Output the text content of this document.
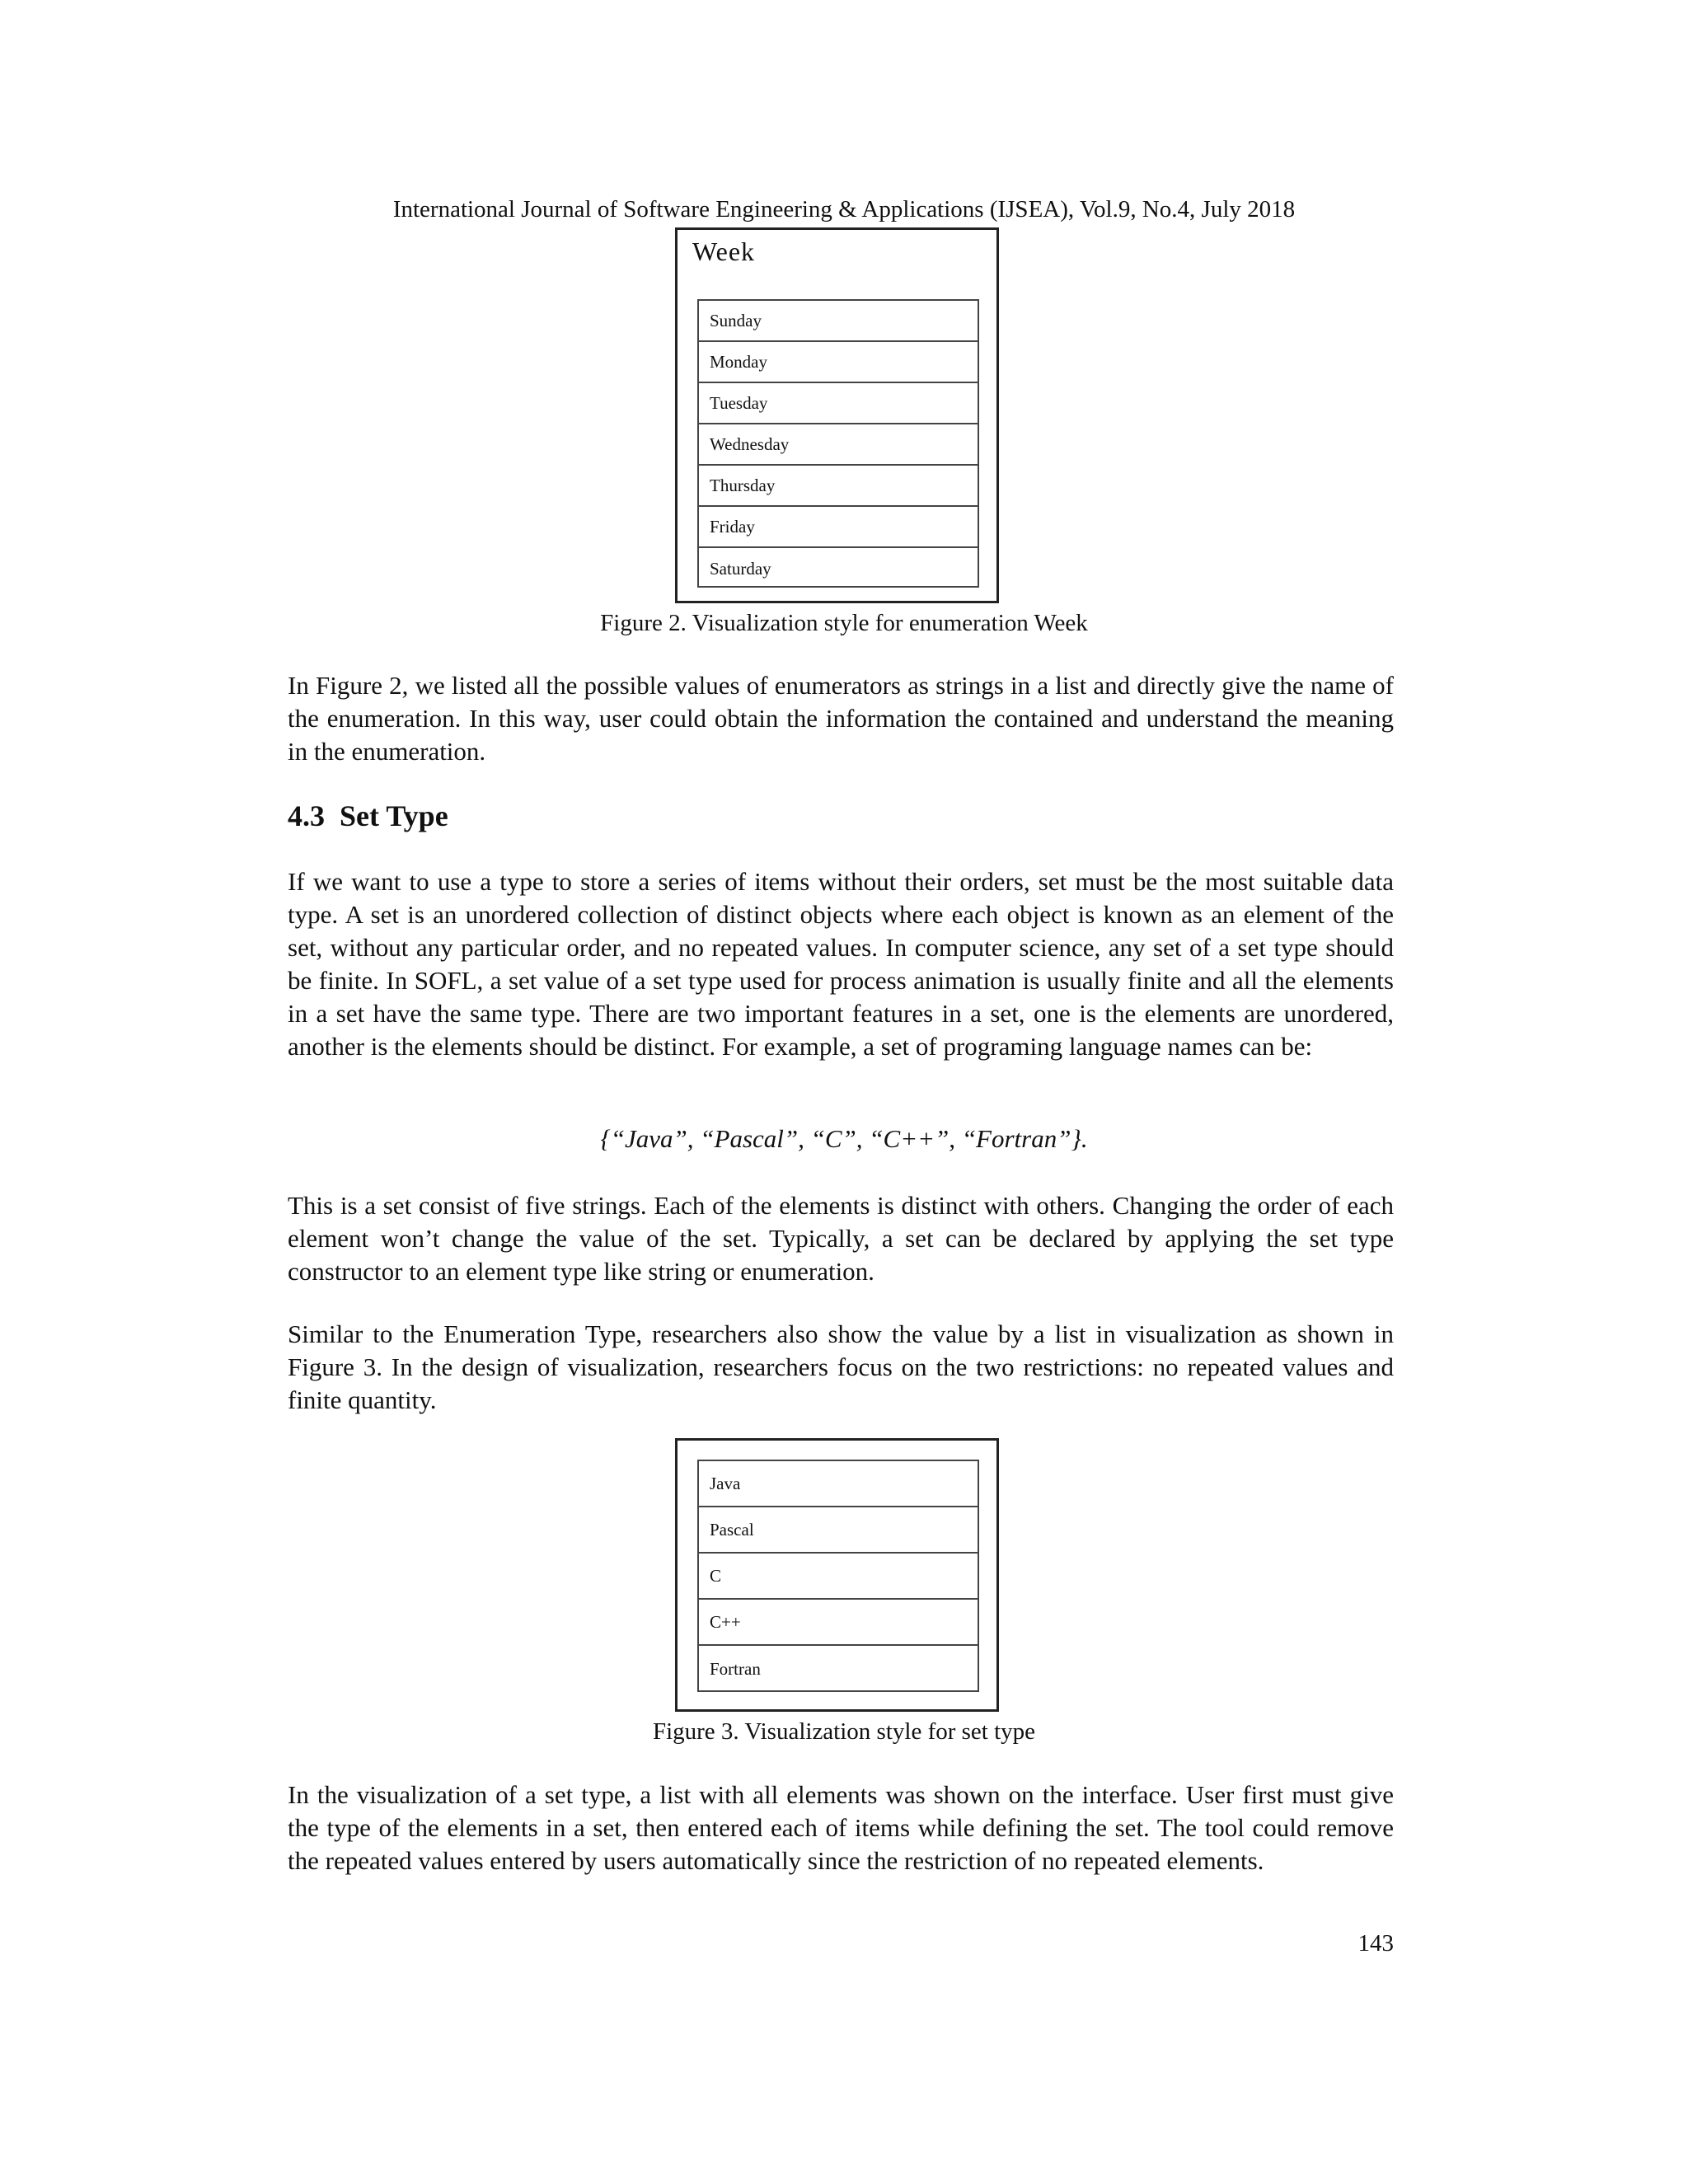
International Journal of Software Engineering & Applications (IJSEA), Vol.9, No.4, July 2018
Week
Sunday
Monday
Tuesday
Wednesday
Thursday
Friday
Saturday
Figure 2. Visualization style for enumeration Week

In Figure 2, we listed all the possible values of enumerators as strings in a list and directly give the name of the enumeration. In this way, user could obtain the information the contained and understand the meaning in the enumeration.

4.3 Set Type

If we want to use a type to store a series of items without their orders, set must be the most suitable data type. A set is an unordered collection of distinct objects where each object is known as an element of the set, without any particular order, and no repeated values. In computer science, any set of a set type should be finite. In SOFL, a set value of a set type used for process animation is usually finite and all the elements in a set have the same type. There are two important features in a set, one is the elements are unordered, another is the elements should be distinct. For example, a set of programing language names can be:

{“Java”, “Pascal”, “C”, “C++”, “Fortran”}.

This is a set consist of five strings. Each of the elements is distinct with others. Changing the order of each element won’t change the value of the set. Typically, a set can be declared by applying the set type constructor to an element type like string or enumeration.

Similar to the Enumeration Type, researchers also show the value by a list in visualization as shown in Figure 3. In the design of visualization, researchers focus on the two restrictions: no repeated values and finite quantity.

Java
Pascal
C
C++
Fortran
Figure 3. Visualization style for set type

In the visualization of a set type, a list with all elements was shown on the interface. User first must give the type of the elements in a set, then entered each of items while defining the set. The tool could remove the repeated values entered by users automatically since the restriction of no repeated elements.

143
